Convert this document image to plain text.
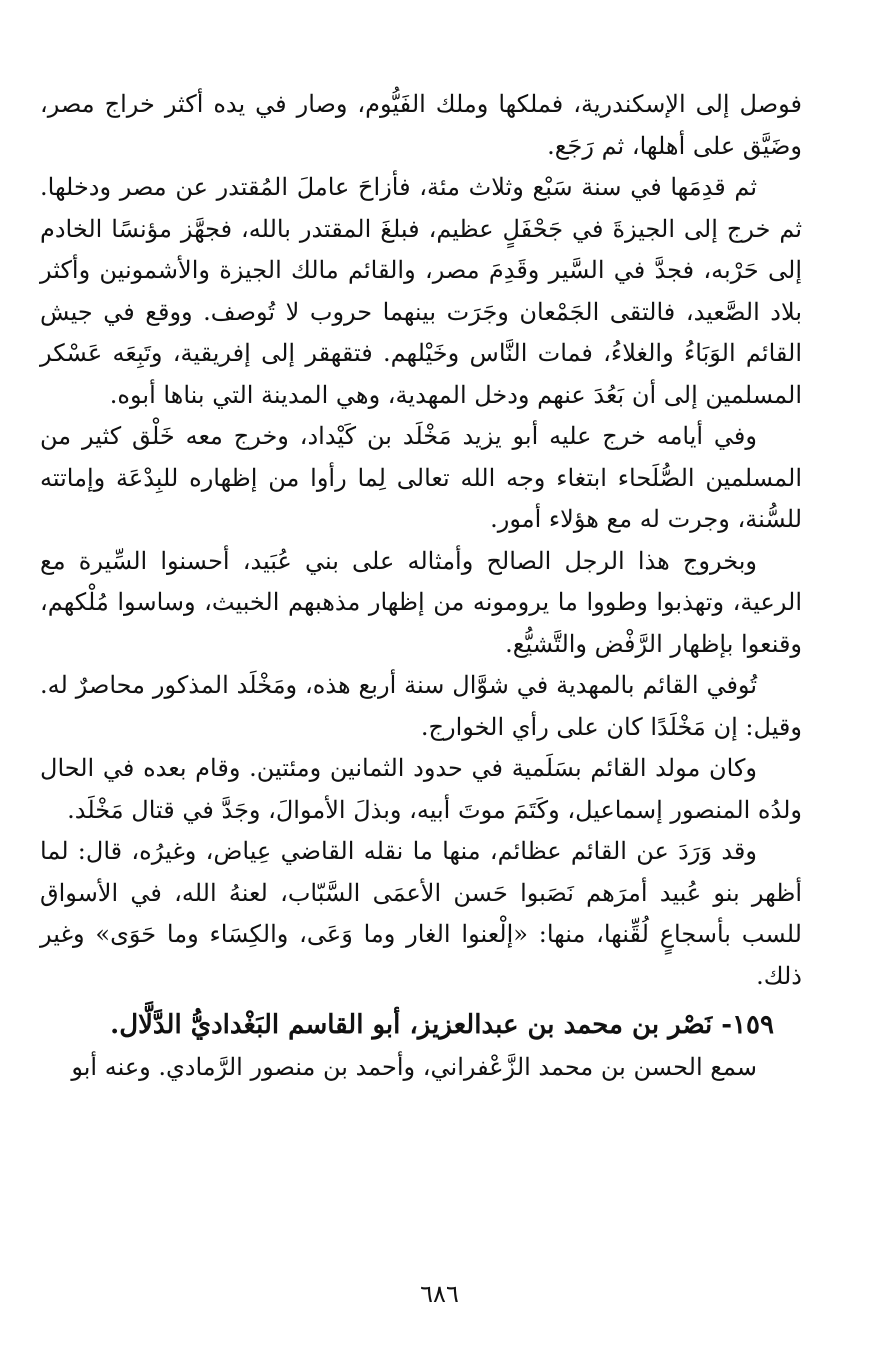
فوصل إلى الإسكندرية، فملكها وملك الفَيُّوم، وصار في يده أكثر خراج مصر، وضَيَّق على أهلها، ثم رَجَع.

ثم قدِمَها في سنة سَبْع وثلاث مئة، فأزاحَ عاملَ المُقتدر عن مصر ودخلها. ثم خرج إلى الجيزةَ في جَحْفَلٍ عظيم، فبلغَ المقتدر بالله، فجهَّز مؤنسًا الخادم إلى حَرْبه، فجدَّ في السَّير وقَدِمَ مصر، والقائم مالك الجيزة والأشمونين وأكثر بلاد الصَّعيد، فالتقى الجَمْعان وجَرَت بينهما حروب لا تُوصف. ووقع في جيش القائم الوَبَاءُ والغلاءُ، فمات النَّاس وخَيْلهم. فتقهقر إلى إفريقية، وتَبِعَه عَسْكر المسلمين إلى أن بَعُدَ عنهم ودخل المهدية، وهي المدينة التي بناها أبوه.

وفي أيامه خرج عليه أبو يزيد مَخْلَد بن كَيْداد، وخرج معه خَلْق كثير من المسلمين الصُّلَحاء ابتغاء وجه الله تعالى لِما رأوا من إظهاره للبِدْعَة وإماتته للسُّنة، وجرت له مع هؤلاء أمور.

وبخروج هذا الرجل الصالح وأمثاله على بني عُبَيد، أحسنوا السِّيرة مع الرعية، وتهذبوا وطووا ما يرومونه من إظهار مذهبهم الخبيث، وساسوا مُلْكهم، وقنعوا بإظهار الرَّفْض والتَّشيُّع.

تُوفي القائم بالمهدية في شوَّال سنة أربع هذه، ومَخْلَد المذكور محاصرٌ له. وقيل: إن مَخْلَدًا كان على رأي الخوارج.

وكان مولد القائم بسَلَمية في حدود الثمانين ومئتين. وقام بعده في الحال ولدُه المنصور إسماعيل، وكَتَمَ موتَ أبيه، وبذلَ الأموالَ، وجَدَّ في قتال مَخْلَد.

وقد وَرَدَ عن القائم عظائم، منها ما نقله القاضي عِياض، وغيرُه، قال: لما أظهر بنو عُبيد أمرَهم نَصَبوا حَسن الأعمَى السَّبّاب، لعنهُ الله، في الأسواق للسب بأسجاعٍ لُقِّنها، منها: «إلْعنوا الغار وما وَعَى، والكِسَاء وما حَوَى» وغير ذلك.

١٥٩- نَصْر بن محمد بن عبدالعزيز، أبو القاسم البَغْداديُّ الدَّلَّال.

سمع الحسن بن محمد الزَّعْفراني، وأحمد بن منصور الرَّمادي. وعنه أبو

٦٨٦
